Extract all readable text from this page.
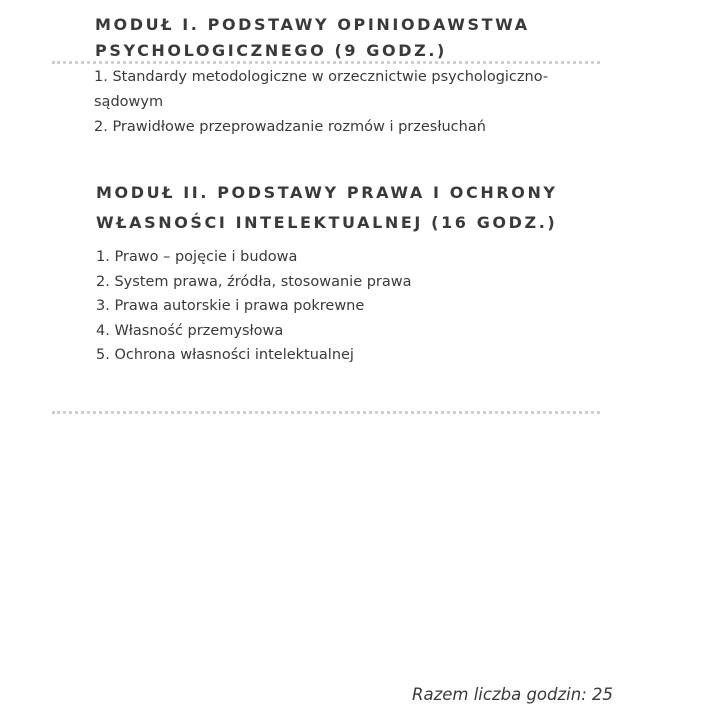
MODUŁ I. PODSTAWY OPINIODAWSTWA
PSYCHOLOGICZNEGO (9 GODZ.)
1. Standardy metodologiczne w orzecznictwie psychologiczno-sądowym
2. Prawidłowe przeprowadzanie rozmów i przesłuchań
MODUŁ II. PODSTAWY PRAWA I OCHRONY
WŁASNOŚCI INTELEKTUALNEJ (16 GODZ.)
1. Prawo – pojęcie i budowa
2. System prawa, źródła, stosowanie prawa
3. Prawa autorskie i prawa pokrewne
4. Własność przemysłowa
5. Ochrona własności intelektualnej
Razem liczba godzin: 25
